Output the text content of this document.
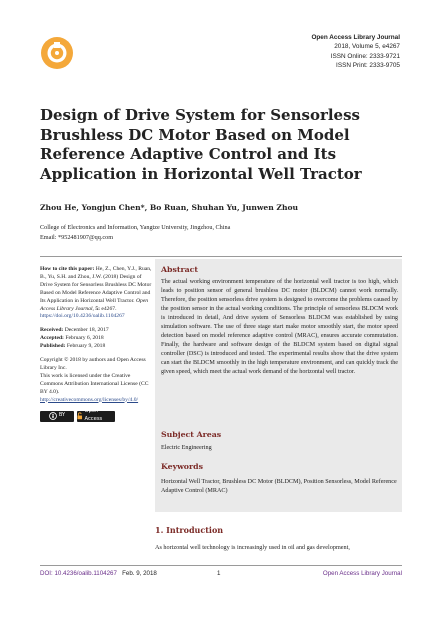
Open Access Library Journal
2018, Volume 5, e4267
ISSN Online: 2333-9721
ISSN Print: 2333-9705
Design of Drive System for Sensorless Brushless DC Motor Based on Model Reference Adaptive Control and Its Application in Horizontal Well Tractor
Zhou He, Yongjun Chen*, Bo Ruan, Shuhan Yu, Junwen Zhou
College of Electronics and Information, Yangtze University, Jingzhou, China
Email: *952481907@qq.com

How to cite this paper: He, Z., Chen, Y.J., Ruan, B., Yu, S.H. and Zhou, J.W. (2018) Design of Drive System for Sensorless Brushless DC Motor Based on Model Reference Adaptive Control and Its Application in Horizontal Well Tractor. Open Access Library Journal, 5: e4267.
https://doi.org/10.4236/oalib.1104267

Received: December 18, 2017
Accepted: February 6, 2018
Published: February 9, 2018

Copyright © 2018 by authors and Open Access Library Inc.
This work is licensed under the Creative Commons Attribution International License (CC BY 4.0).
http://creativecommons.org/licenses/by/4.0/

BY
Open Access
Abstract
The actual working environment temperature of the horizontal well tractor is too high, which leads to position sensor of general brushless DC motor (BLDCM) cannot work normally. Therefore, the position sensorless drive system is designed to overcome the problems caused by the position sensor in the actual working conditions. The principle of sensorless BLDCM work is introduced in detail, And drive system of Sensorless BLDCM was established by using simulation software. The use of three stage start make motor smoothly start, the motor speed detection based on model reference adaptive control (MRAC), ensures accurate commutation. Finally, the hardware and software design of the BLDCM system based on digital signal controller (DSC) is introduced and tested. The experimental results show that the drive system can start the BLDCM smoothly in the high temperature environment, and can quickly track the given speed, which meet the actual work demand of the horizontal well tractor.
Subject Areas
Electric Engineering
Keywords
Horizontal Well Tractor, Brushless DC Motor (BLDCM), Position Sensorless, Model Reference Adaptive Control (MRAC)
1. Introduction
As horizontal well technology is increasingly used in oil and gas development,
DOI: 10.4236/oalib.1104267 Feb. 9, 2018	1	Open Access Library Journal
